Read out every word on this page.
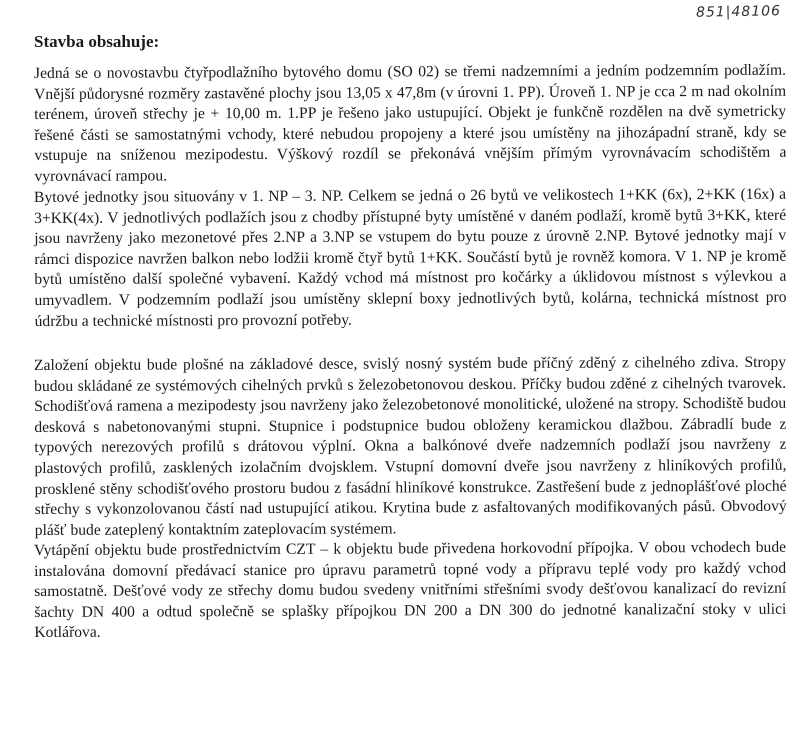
851|48106
Stavba obsahuje:

Jedná se o novostavbu čtyřpodlažního bytového domu (SO 02) se třemi nadzemními a jedním podzemním podlažím. Vnější půdorysné rozměry zastavěné plochy jsou 13,05 x 47,8m (v úrovni 1. PP). Úroveň 1. NP je cca 2 m nad okolním terénem, úroveň střechy je + 10,00 m. 1.PP je řešeno jako ustupující. Objekt je funkčně rozdělen na dvě symetricky řešené části se samostatnými vchody, které nebudou propojeny a které jsou umístěny na jihozápadní straně, kdy se vstupuje na sníženou mezipodestu. Výškový rozdíl se překonává vnějším přímým vyrovnávacím schodištěm a vyrovnávací rampou.

Bytové jednotky jsou situovány v 1. NP – 3. NP. Celkem se jedná o 26 bytů ve velikostech 1+KK (6x), 2+KK (16x) a 3+KK(4x). V jednotlivých podlažích jsou z chodby přístupné byty umístěné v daném podlaží, kromě bytů 3+KK, které jsou navrženy jako mezonetové přes 2.NP a 3.NP se vstupem do bytu pouze z úrovně 2.NP. Bytové jednotky mají v rámci dispozice navržen balkon nebo lodžii kromě čtyř bytů 1+KK. Součástí bytů je rovněž komora. V 1. NP je kromě bytů umístěno další společné vybavení. Každý vchod má místnost pro kočárky a úklidovou místnost s výlevkou a umyvadlem. V podzemním podlaží jsou umístěny sklepní boxy jednotlivých bytů, kolárna, technická místnost pro údržbu a technické místnosti pro provozní potřeby.

Založení objektu bude plošné na základové desce, svislý nosný systém bude příčný zděný z cihelného zdiva. Stropy budou skládané ze systémových cihelných prvků s železobetonovou deskou. Příčky budou zděné z cihelných tvarovek. Schodišťová ramena a mezipodesty jsou navrženy jako železobetonové monolitické, uložené na stropy. Schodiště budou desková s nabetonovanými stupni. Stupnice i podstupnice budou obloženy keramickou dlažbou. Zábradlí bude z typových nerezových profilů s drátovou výplní. Okna a balkónové dveře nadzemních podlaží jsou navrženy z plastových profilů, zasklených izolačním dvojsklem. Vstupní domovní dveře jsou navrženy z hliníkových profilů, prosklené stěny schodišťového prostoru budou z fasádní hliníkové konstrukce. Zastřešení bude z jednoplášťové ploché střechy s vykonzolovanou částí nad ustupující atikou. Krytina bude z asfaltovaných modifikovaných pásů. Obvodový plášť bude zateplený kontaktním zateplovacím systémem.

Vytápění objektu bude prostřednictvím CZT – k objektu bude přivedena horkovodní přípojka. V obou vchodech bude instalována domovní předávací stanice pro úpravu parametrů topné vody a přípravu teplé vody pro každý vchod samostatně. Dešťové vody ze střechy domu budou svedeny vnitřními střešními svody dešťovou kanalizací do revizní šachty DN 400 a odtud společně se splašky přípojkou DN 200 a DN 300 do jednotné kanalizační stoky v ulici Kotlářova.
